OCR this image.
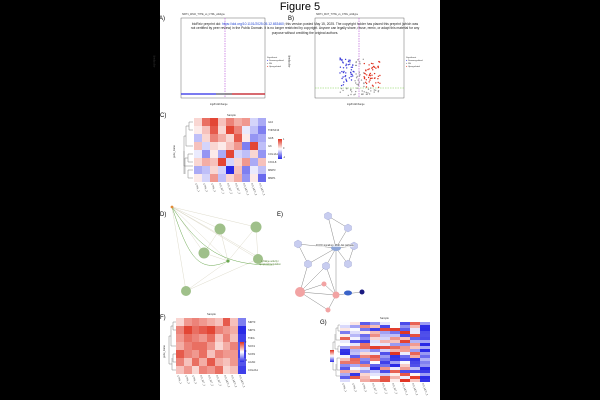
Figure 5
bioRxiv preprint doi: https://doi.org/10.1101/2025.05.12.653460; this version posted May 15, 2025. The copyright holder has placed this preprint (which was not certified by peer review) in the Public Domain. It is no longer restricted by copyright. Anyone can legally share, reuse, remix, or adapt this material for any purpose without crediting the original authors.
A)
SIRT1_WILD_TYPE_vs_CTRL_wildtype
-log10(padj)
log2FoldChange
Significant
● Downregulated
● NS
● Upregulated
B)
SIRT1_MUT_TYPE_vs_CTRL_wildtype
-log10(padj)
log2FoldChange
Significant
● Downregulated
● NS
● Upregulated
C)	Sample
gene_name
IL10
TNFSF13
IL1B
IL6
COL1A1
CXCL8
MMP3
MMP1
CTRL_1 CTRL_2 CTRL_3 KO_WT_1 KO_WT_2 KO_WT_3 KO_MUT_1 KO_MUT_2 KO_MUT_3
1
0
-1
D)
cytokine activity / apoptosis regulation
E)
FOXO signaling / PI3K-Akt pathway
F)
Sample
gene_name
SIRT3
SIRT1
TNFA
NOX1
SOX9
ACAN
COL2A1
CTRL_1 CTRL_2 CTRL_3 KO_WT_1 KO_WT_2 KO_WT_3 KO_MUT_1 KO_MUT_2 KO_MUT_3
2
0
-2
G)
Sample
CTRL_1 CTRL_2 CTRL_3 KO_WT_1 KO_WT_2 KO_WT_3 KO_MUT_1 KO_MUT_2 KO_MUT_3
